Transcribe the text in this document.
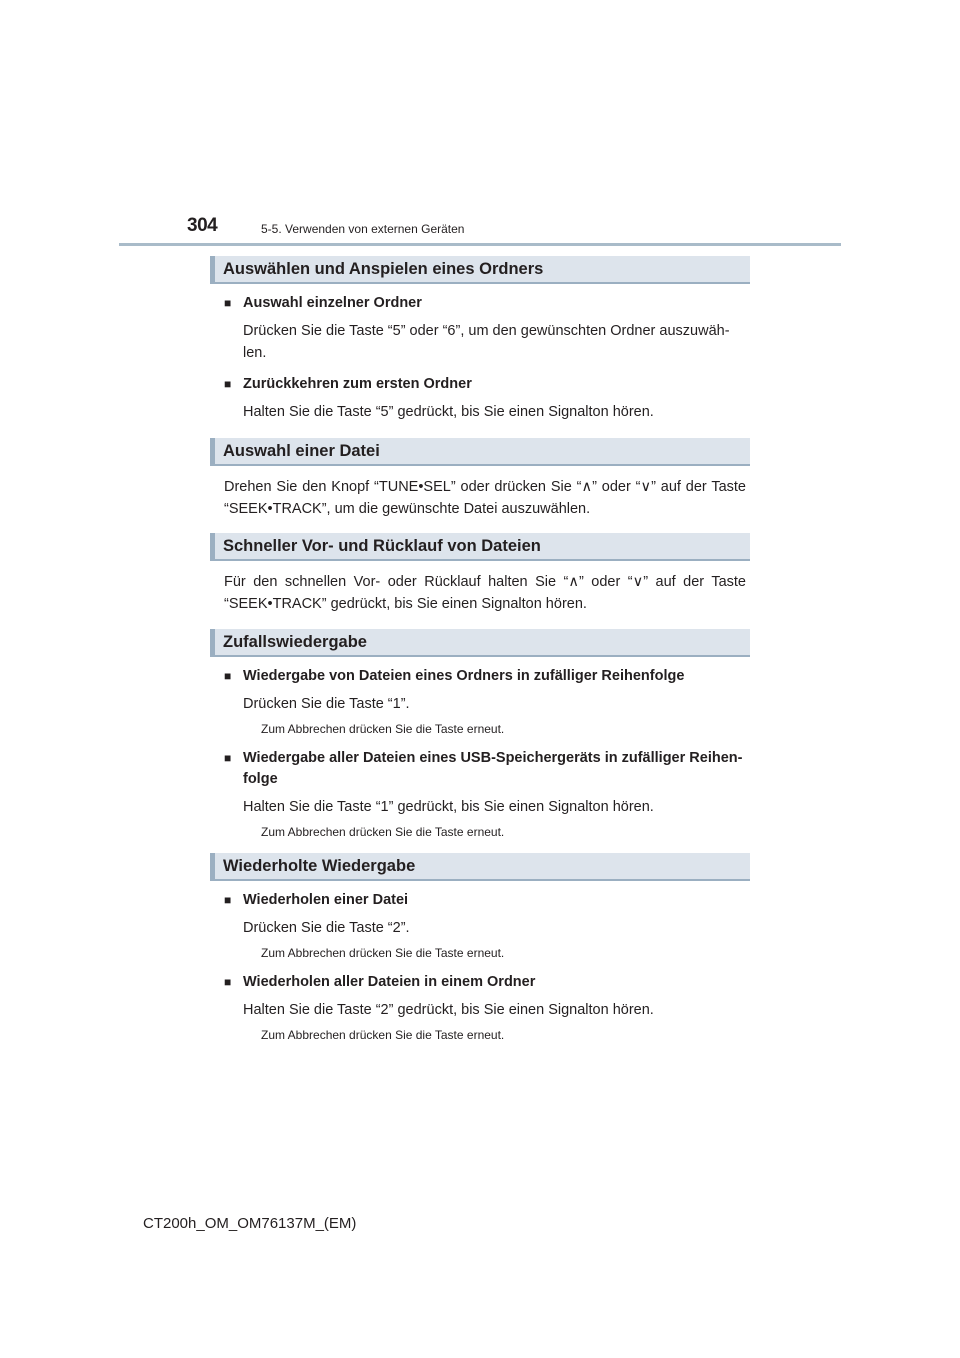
304	5-5. Verwenden von externen Geräten
Auswählen und Anspielen eines Ordners
■ Auswahl einzelner Ordner
Drücken Sie die Taste “5” oder “6”, um den gewünschten Ordner auszuwäh-len.
■ Zurückkehren zum ersten Ordner
Halten Sie die Taste “5” gedrückt, bis Sie einen Signalton hören.
Auswahl einer Datei
Drehen Sie den Knopf “TUNE•SEL” oder drücken Sie “∧” oder “∨” auf der Taste “SEEK•TRACK”, um die gewünschte Datei auszuwählen.
Schneller Vor- und Rücklauf von Dateien
Für den schnellen Vor- oder Rücklauf halten Sie “∧” oder “∨” auf der Taste “SEEK•TRACK” gedrückt, bis Sie einen Signalton hören.
Zufallswiedergabe
■ Wiedergabe von Dateien eines Ordners in zufälliger Reihenfolge
Drücken Sie die Taste “1”.
Zum Abbrechen drücken Sie die Taste erneut.
■ Wiedergabe aller Dateien eines USB-Speichergeräts in zufälliger Reihen-folge
Halten Sie die Taste “1” gedrückt, bis Sie einen Signalton hören.
Zum Abbrechen drücken Sie die Taste erneut.
Wiederholte Wiedergabe
■ Wiederholen einer Datei
Drücken Sie die Taste “2”.
Zum Abbrechen drücken Sie die Taste erneut.
■ Wiederholen aller Dateien in einem Ordner
Halten Sie die Taste “2” gedrückt, bis Sie einen Signalton hören.
Zum Abbrechen drücken Sie die Taste erneut.
CT200h_OM_OM76137M_(EM)
